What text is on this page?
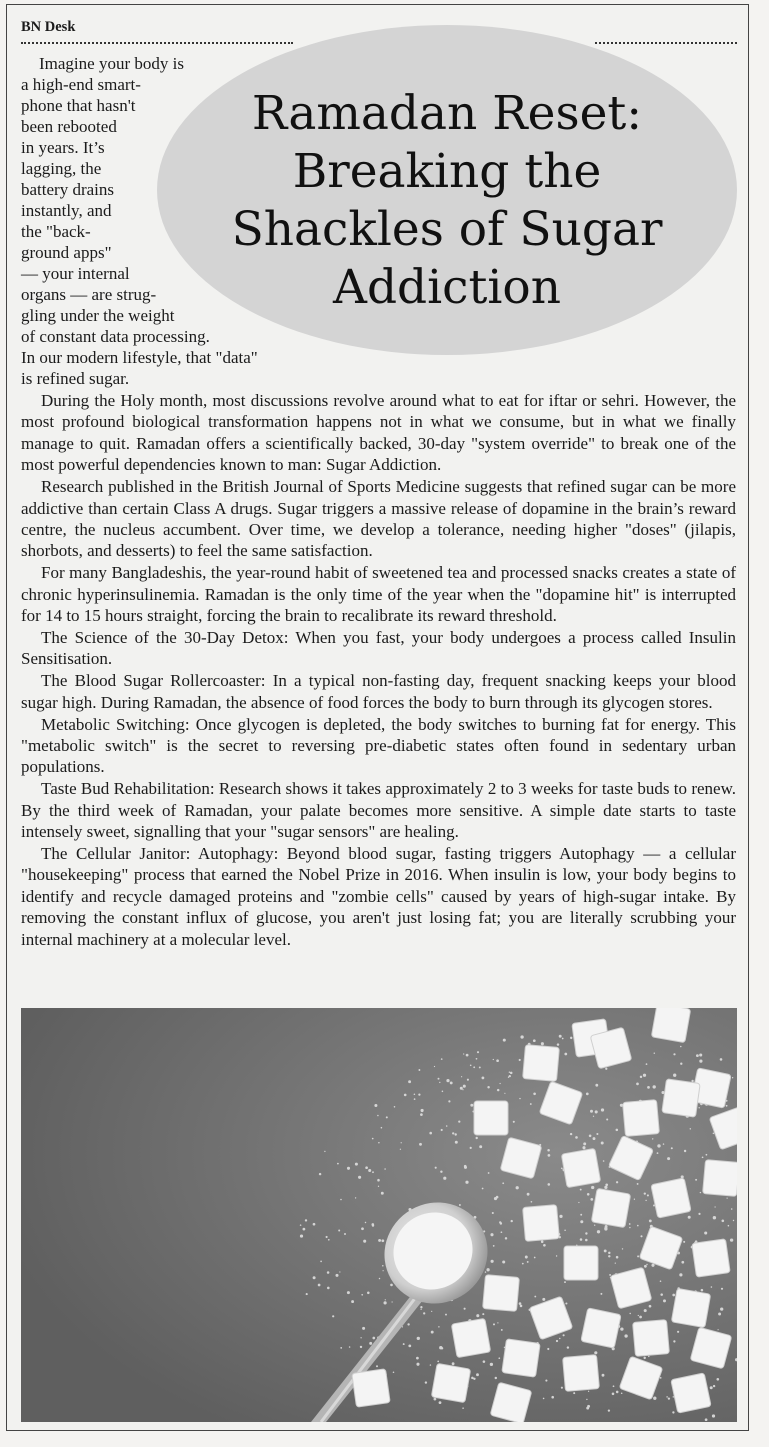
BN Desk
Ramadan Reset:
Breaking the
Shackles of Sugar
Addiction
Imagine your body is
a high-end smart-
phone that hasn't
been rebooted
in years. It’s
lagging, the
battery drains
instantly, and
the "back-
ground apps"
— your internal
organs — are strug-
gling under the weight
of constant data processing.
In our modern lifestyle, that "data"
is refined sugar.

During the Holy month, most discussions revolve around what to eat for iftar or sehri. However, the most profound biological transformation happens not in what we consume, but in what we finally manage to quit. Ramadan offers a scientifically backed, 30-day "system override" to break one of the most powerful dependencies known to man: Sugar Addiction.

Research published in the British Journal of Sports Medicine suggests that refined sugar can be more addictive than certain Class A drugs. Sugar triggers a massive release of dopamine in the brain’s reward centre, the nucleus accumbent. Over time, we develop a tolerance, needing higher "doses" (jilapis, shorbots, and desserts) to feel the same satisfaction.

For many Bangladeshis, the year-round habit of sweetened tea and processed snacks creates a state of chronic hyperinsulinemia. Ramadan is the only time of the year when the "dopamine hit" is interrupted for 14 to 15 hours straight, forcing the brain to recalibrate its reward threshold.

The Science of the 30-Day Detox: When you fast, your body undergoes a process called Insulin Sensitisation.

The Blood Sugar Rollercoaster: In a typical non-fasting day, frequent snacking keeps your blood sugar high. During Ramadan, the absence of food forces the body to burn through its glycogen stores.

Metabolic Switching: Once glycogen is depleted, the body switches to burning fat for energy. This "metabolic switch" is the secret to reversing pre-diabetic states often found in sedentary urban populations.

Taste Bud Rehabilitation: Research shows it takes approximately 2 to 3 weeks for taste buds to renew. By the third week of Ramadan, your palate becomes more sensitive. A simple date starts to taste intensely sweet, signalling that your "sugar sensors" are healing.

The Cellular Janitor: Autophagy: Beyond blood sugar, fasting triggers Autophagy — a cellular "housekeeping" process that earned the Nobel Prize in 2016. When insulin is low, your body begins to identify and recycle damaged proteins and "zombie cells" caused by years of high-sugar intake. By removing the constant influx of glucose, you aren't just losing fat; you are literally scrubbing your internal machinery at a molecular level.
